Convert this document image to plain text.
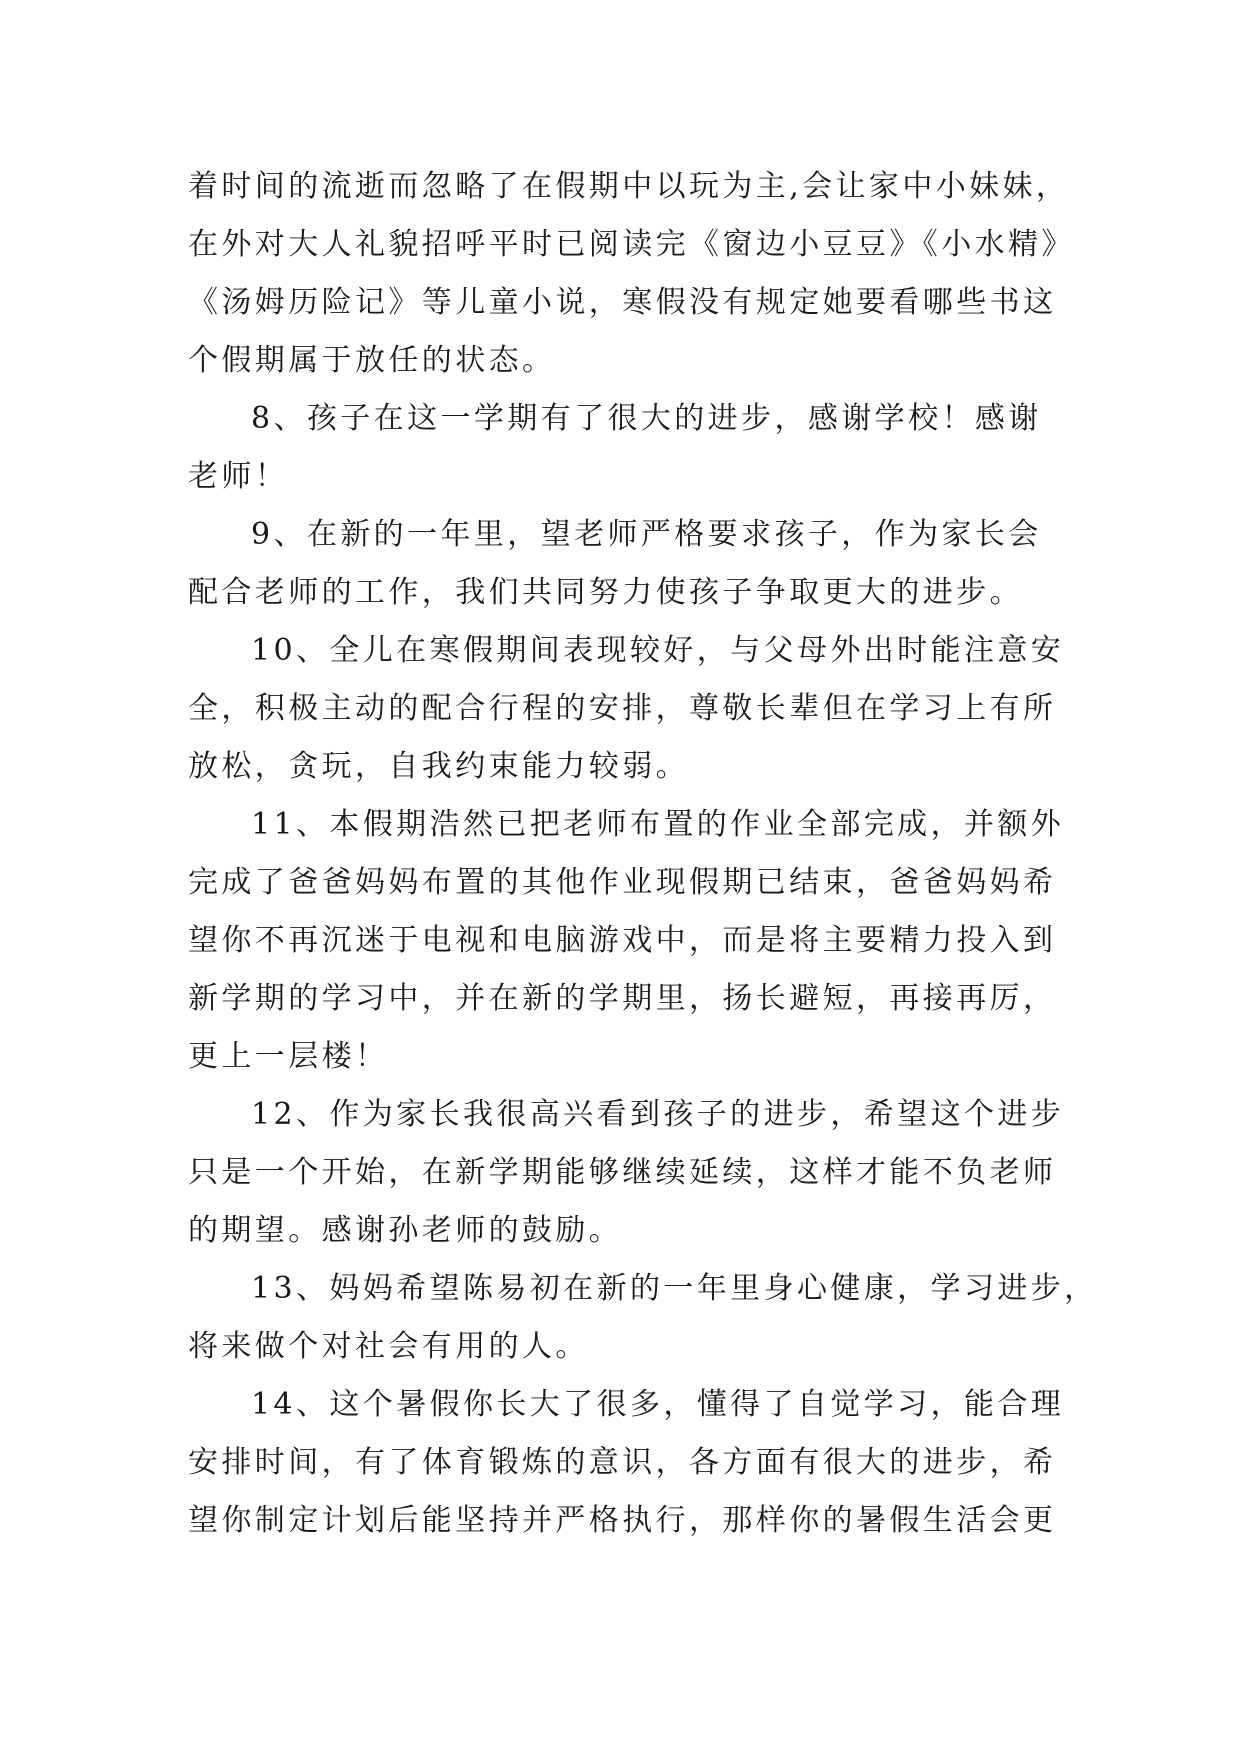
着时间的流逝而忽略了在假期中以玩为主,会让家中小妹妹，
在外对大人礼貌招呼平时已阅读完《窗边小豆豆》《小水精》
《汤姆历险记》等儿童小说，寒假没有规定她要看哪些书这
个假期属于放任的状态。
8、孩子在这一学期有了很大的进步，感谢学校！感谢
老师！
9、在新的一年里，望老师严格要求孩子，作为家长会
配合老师的工作，我们共同努力使孩子争取更大的进步。
10、全儿在寒假期间表现较好，与父母外出时能注意安
全，积极主动的配合行程的安排，尊敬长辈但在学习上有所
放松，贪玩，自我约束能力较弱。
11、本假期浩然已把老师布置的作业全部完成，并额外
完成了爸爸妈妈布置的其他作业现假期已结束，爸爸妈妈希
望你不再沉迷于电视和电脑游戏中，而是将主要精力投入到
新学期的学习中，并在新的学期里，扬长避短，再接再厉，
更上一层楼！
12、作为家长我很高兴看到孩子的进步，希望这个进步
只是一个开始，在新学期能够继续延续，这样才能不负老师
的期望。感谢孙老师的鼓励。
13、妈妈希望陈易初在新的一年里身心健康，学习进步，
将来做个对社会有用的人。
14、这个暑假你长大了很多，懂得了自觉学习，能合理
安排时间，有了体育锻炼的意识，各方面有很大的进步，希
望你制定计划后能坚持并严格执行，那样你的暑假生活会更
